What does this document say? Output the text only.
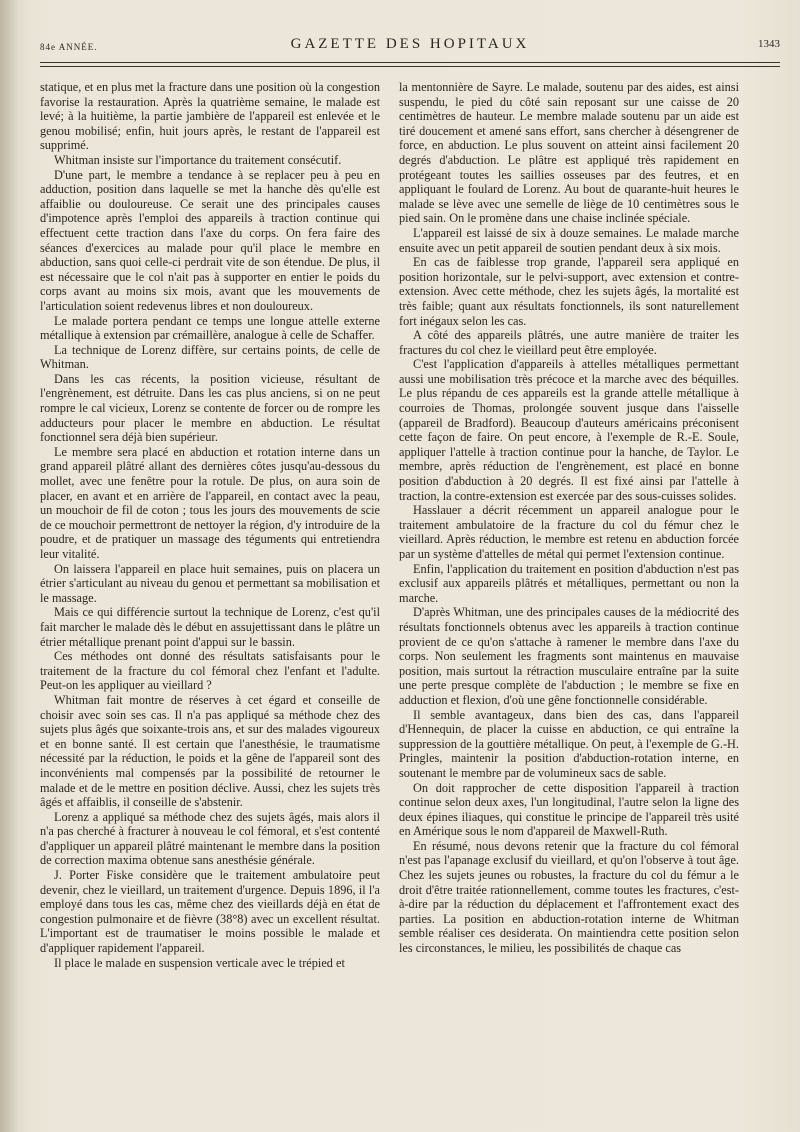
84e ANNÉE.	GAZETTE DES HOPITAUX	1343

statique, et en plus met la fracture dans une position où la congestion favorise la restauration. Après la quatrième semaine, le malade est levé; à la huitième, la partie jambière de l'appareil est enlevée et le genou mobilisé; enfin, huit jours après, le restant de l'appareil est supprimé.

Whitman insiste sur l'importance du traitement consécutif.

D'une part, le membre a tendance à se replacer peu à peu en adduction, position dans laquelle se met la hanche dès qu'elle est affaiblie ou douloureuse. Ce serait une des principales causes d'impotence après l'emploi des appareils à traction continue qui effectuent cette traction dans l'axe du corps. On fera faire des séances d'exercices au malade pour qu'il place le membre en abduction, sans quoi celle-ci perdrait vite de son étendue. De plus, il est nécessaire que le col n'ait pas à supporter en entier le poids du corps avant au moins six mois, avant que les mouvements de l'articulation soient redevenus libres et non douloureux.

Le malade portera pendant ce temps une longue attelle externe métallique à extension par crémaillère, analogue à celle de Schaffer.

La technique de Lorenz diffère, sur certains points, de celle de Whitman.

Dans les cas récents, la position vicieuse, résultant de l'engrènement, est détruite. Dans les cas plus anciens, si on ne peut rompre le cal vicieux, Lorenz se contente de forcer ou de rompre les adducteurs pour placer le membre en abduction. Le résultat fonctionnel sera déjà bien supérieur.

Le membre sera placé en abduction et rotation interne dans un grand appareil plâtré allant des dernières côtes jusqu'au-dessous du mollet, avec une fenêtre pour la rotule. De plus, on aura soin de placer, en avant et en arrière de l'appareil, en contact avec la peau, un mouchoir de fil de coton ; tous les jours des mouvements de scie de ce mouchoir permettront de nettoyer la région, d'y introduire de la poudre, et de pratiquer un massage des téguments qui entretiendra leur vitalité.

On laissera l'appareil en place huit semaines, puis on placera un étrier s'articulant au niveau du genou et permettant sa mobilisation et le massage.

Mais ce qui différencie surtout la technique de Lorenz, c'est qu'il fait marcher le malade dès le début en assujettissant dans le plâtre un étrier métallique prenant point d'appui sur le bassin.

Ces méthodes ont donné des résultats satisfaisants pour le traitement de la fracture du col fémoral chez l'enfant et l'adulte. Peut-on les appliquer au vieillard ?

Whitman fait montre de réserves à cet égard et conseille de choisir avec soin ses cas. Il n'a pas appliqué sa méthode chez des sujets plus âgés que soixante-trois ans, et sur des malades vigoureux et en bonne santé. Il est certain que l'anesthésie, le traumatisme nécessité par la réduction, le poids et la gêne de l'appareil sont des inconvénients mal compensés par la possibilité de retourner le malade et de le mettre en position déclive. Aussi, chez les sujets très âgés et affaiblis, il conseille de s'abstenir.

Lorenz a appliqué sa méthode chez des sujets âgés, mais alors il n'a pas cherché à fracturer à nouveau le col fémoral, et s'est contenté d'appliquer un appareil plâtré maintenant le membre dans la position de correction maxima obtenue sans anesthésie générale.

J. Porter Fiske considère que le traitement ambulatoire peut devenir, chez le vieillard, un traitement d'urgence. Depuis 1896, il l'a employé dans tous les cas, même chez des vieillards déjà en état de congestion pulmonaire et de fièvre (38°8) avec un excellent résultat. L'important est de traumatiser le moins possible le malade et d'appliquer rapidement l'appareil.

Il place le malade en suspension verticale avec le trépied et

la mentonnière de Sayre. Le malade, soutenu par des aides, est ainsi suspendu, le pied du côté sain reposant sur une caisse de 20 centimètres de hauteur. Le membre malade soutenu par un aide est tiré doucement et amené sans effort, sans chercher à désengrener de force, en abduction. Le plus souvent on atteint ainsi facilement 20 degrés d'abduction. Le plâtre est appliqué très rapidement en protégeant toutes les saillies osseuses par des feutres, et en appliquant le foulard de Lorenz. Au bout de quarante-huit heures le malade se lève avec une semelle de liège de 10 centimètres sous le pied sain. On le promène dans une chaise inclinée spéciale.

L'appareil est laissé de six à douze semaines. Le malade marche ensuite avec un petit appareil de soutien pendant deux à six mois.

En cas de faiblesse trop grande, l'appareil sera appliqué en position horizontale, sur le pelvi-support, avec extension et contre-extension. Avec cette méthode, chez les sujets âgés, la mortalité est très faible; quant aux résultats fonctionnels, ils sont naturellement fort inégaux selon les cas.

A côté des appareils plâtrés, une autre manière de traiter les fractures du col chez le vieillard peut être employée.

C'est l'application d'appareils à attelles métalliques permettant aussi une mobilisation très précoce et la marche avec des béquilles. Le plus répandu de ces appareils est la grande attelle métallique à courroies de Thomas, prolongée souvent jusque dans l'aisselle (appareil de Bradford). Beaucoup d'auteurs américains préconisent cette façon de faire. On peut encore, à l'exemple de R.-E. Soule, appliquer l'attelle à traction continue pour la hanche, de Taylor. Le membre, après réduction de l'engrènement, est placé en bonne position d'abduction à 20 degrés. Il est fixé ainsi par l'attelle à traction, la contre-extension est exercée par des sous-cuisses solides.

Hasslauer a décrit récemment un appareil analogue pour le traitement ambulatoire de la fracture du col du fémur chez le vieillard. Après réduction, le membre est retenu en abduction forcée par un système d'attelles de métal qui permet l'extension continue.

Enfin, l'application du traitement en position d'abduction n'est pas exclusif aux appareils plâtrés et métalliques, permettant ou non la marche.

D'après Whitman, une des principales causes de la médiocrité des résultats fonctionnels obtenus avec les appareils à traction continue provient de ce qu'on s'attache à ramener le membre dans l'axe du corps. Non seulement les fragments sont maintenus en mauvaise position, mais surtout la rétraction musculaire entraîne par la suite une perte presque complète de l'abduction ; le membre se fixe en adduction et flexion, d'où une gêne fonctionnelle considérable.

Il semble avantageux, dans bien des cas, dans l'appareil d'Hennequin, de placer la cuisse en abduction, ce qui entraîne la suppression de la gouttière métallique. On peut, à l'exemple de G.-H. Pringles, maintenir la position d'abduction-rotation interne, en soutenant le membre par de volumineux sacs de sable.

On doit rapprocher de cette disposition l'appareil à traction continue selon deux axes, l'un longitudinal, l'autre selon la ligne des deux épines iliaques, qui constitue le principe de l'appareil très usité en Amérique sous le nom d'appareil de Maxwell-Ruth.

En résumé, nous devons retenir que la fracture du col fémoral n'est pas l'apanage exclusif du vieillard, et qu'on l'observe à tout âge. Chez les sujets jeunes ou robustes, la fracture du col du fémur a le droit d'être traitée rationnellement, comme toutes les fractures, c'est-à-dire par la réduction du déplacement et l'affrontement exact des parties. La position en abduction-rotation interne de Whitman semble réaliser ces desiderata. On maintiendra cette position selon les circonstances, le milieu, les possibilités de chaque cas
